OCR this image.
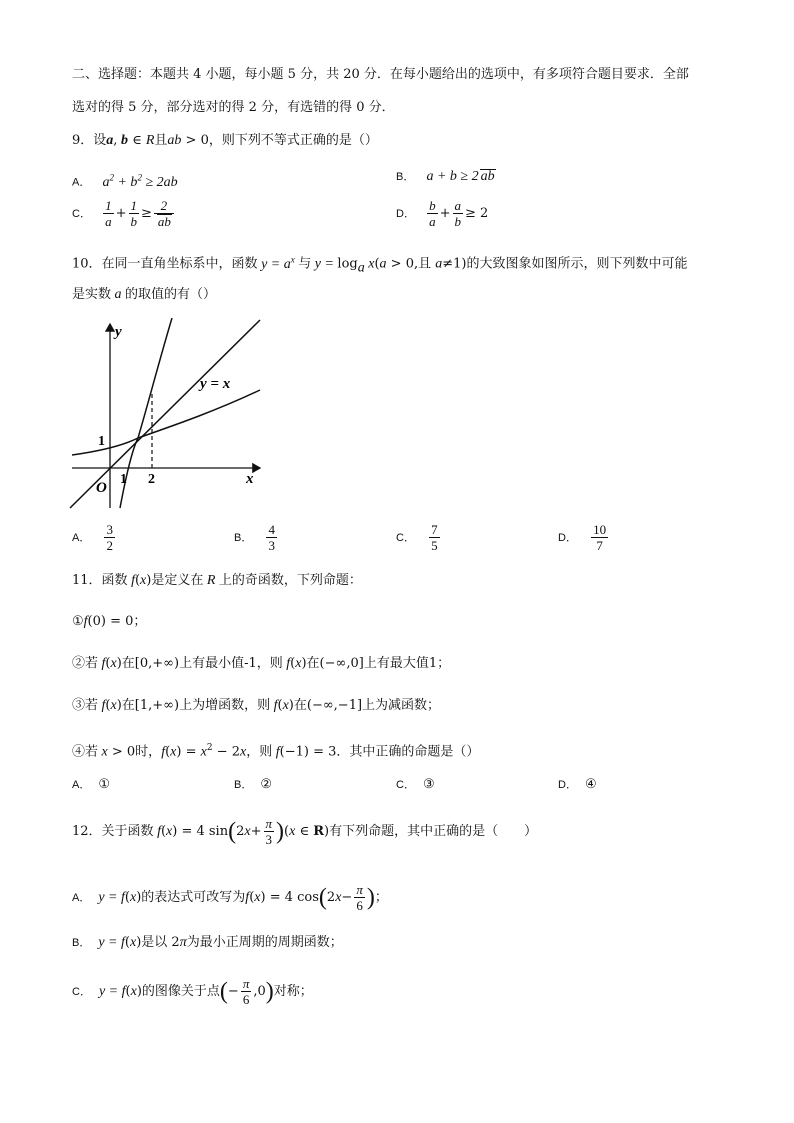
二、选择题：本题共 4 小题，每小题 5 分，共 20 分．在每小题给出的选项中，有多项符合题目要求．全部
选对的得 5 分，部分选对的得 2 分，有选错的得 0 分．
9．设a, b ∈ R且ab > 0，则下列不等式正确的是（）
A． $a^2 + b^2 \ge 2ab$	B． a + b ≥ 2 ab
C． $\frac{1}{a} + \frac{1}{b} \ge \frac{2}{ab}$	D． $\frac{b}{a} + \frac{a}{b} \ge 2$
10．在同一直角坐标系中，函数 $y = a^x$ 与 $y = \log_a x(a > 0$,且 a≠1)的大致图象如图所示，则下列数中可能
是实数 a 的取值的有（）
y
x
O
1 2
1
y = x
A． $\frac{3}{2}$	B． $\frac{4}{3}$	C． $\frac{7}{5}$	D． $\frac{10}{7}$
11．函数 f(x)是定义在 R 上的奇函数，下列命题：
①f(0) = 0；
②若 f(x)在[0,+∞)上有最小值-1，则 f(x)在(−∞,0]上有最大值1；
③若 f(x)在[1,+∞)上为增函数，则 f(x)在(−∞,−1]上为减函数；
④若 x > 0时，$f(x) = x^2 - 2x$，则 f(−1) = 3．其中正确的命题是（）
A． ①	B． ②	C． ③	D． ④
12．关于函数 f(x) = 4 $\sin(2x+ \frac{\pi}{3} )(x$ ∈ R)有下列命题，其中正确的是（　　）
A． y = f(x)的表达式可改写为f(x) = 4 $\cos(2x- \frac{\pi}{6}$ )；
B． y = f(x)是以 2π为最小正周期的周期函数；
C． y = f(x)的图像关于点(− $\frac{\pi}{6} ,0$)对称；
